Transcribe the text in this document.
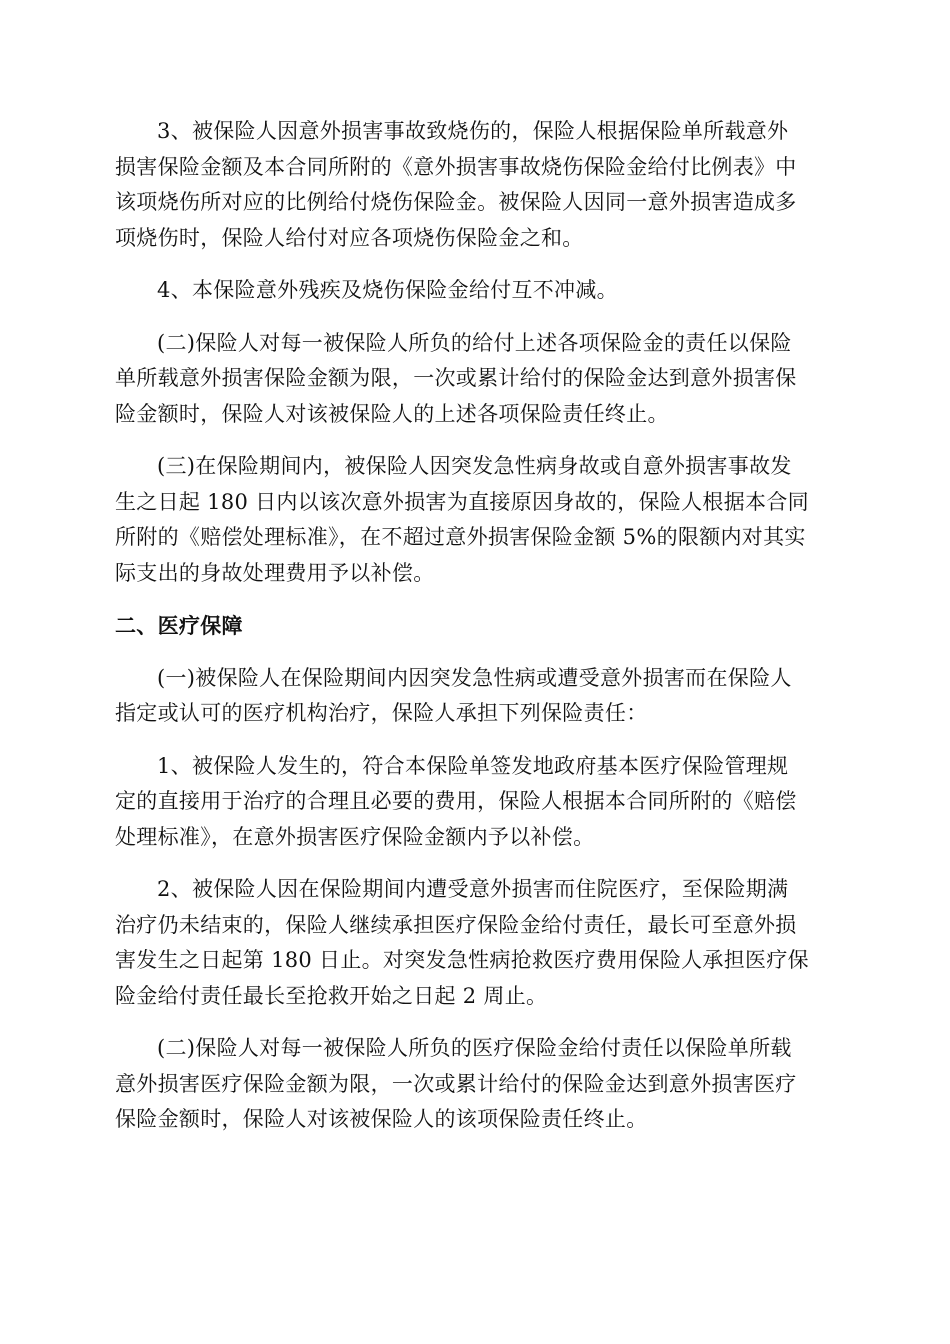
3、被保险人因意外损害事故致烧伤的，保险人根据保险单所载意外
损害保险金额及本合同所附的《意外损害事故烧伤保险金给付比例表》中
该项烧伤所对应的比例给付烧伤保险金。被保险人因同一意外损害造成多
项烧伤时，保险人给付对应各项烧伤保险金之和。

4、本保险意外残疾及烧伤保险金给付互不冲减。

(二)保险人对每一被保险人所负的给付上述各项保险金的责任以保险
单所载意外损害保险金额为限，一次或累计给付的保险金达到意外损害保
险金额时，保险人对该被保险人的上述各项保险责任终止。

(三)在保险期间内，被保险人因突发急性病身故或自意外损害事故发
生之日起 180 日内以该次意外损害为直接原因身故的，保险人根据本合同
所附的《赔偿处理标准》，在不超过意外损害保险金额 5%的限额内对其实
际支出的身故处理费用予以补偿。

二、医疗保障

(一)被保险人在保险期间内因突发急性病或遭受意外损害而在保险人
指定或认可的医疗机构治疗，保险人承担下列保险责任：

1、被保险人发生的，符合本保险单签发地政府基本医疗保险管理规
定的直接用于治疗的合理且必要的费用，保险人根据本合同所附的《赔偿
处理标准》，在意外损害医疗保险金额内予以补偿。

2、被保险人因在保险期间内遭受意外损害而住院医疗，至保险期满
治疗仍未结束的，保险人继续承担医疗保险金给付责任，最长可至意外损
害发生之日起第 180 日止。对突发急性病抢救医疗费用保险人承担医疗保
险金给付责任最长至抢救开始之日起 2 周止。

(二)保险人对每一被保险人所负的医疗保险金给付责任以保险单所载
意外损害医疗保险金额为限，一次或累计给付的保险金达到意外损害医疗
保险金额时，保险人对该被保险人的该项保险责任终止。
